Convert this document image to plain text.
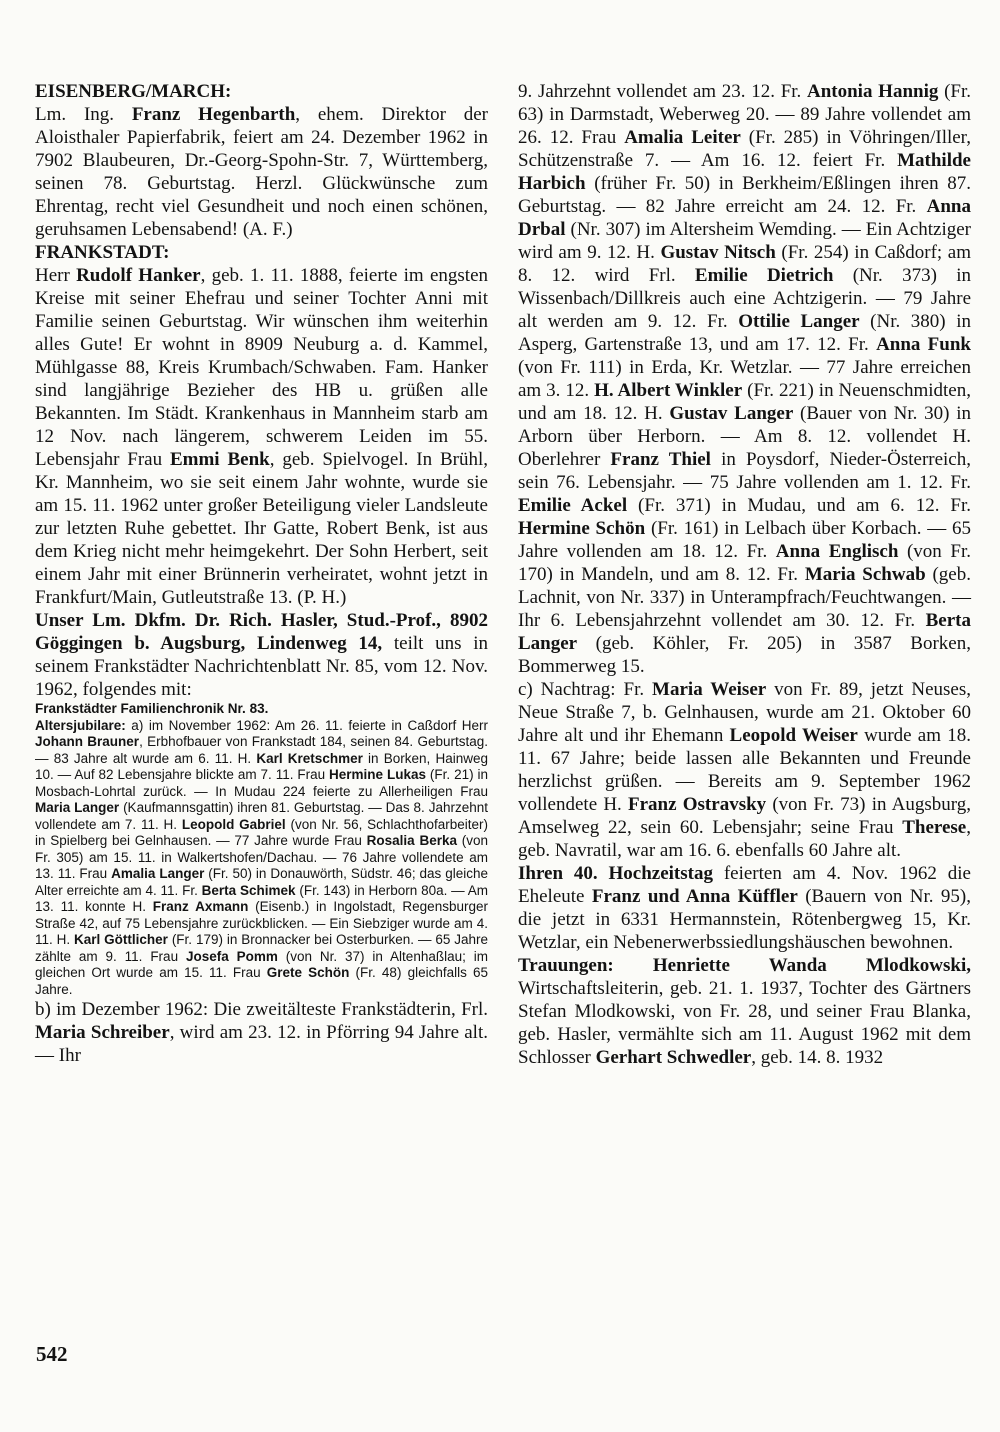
EISENBERG/MARCH:

Lm. Ing. Franz Hegenbarth, ehem. Direktor der Aloisthaler Papierfabrik, feiert am 24. Dezember 1962 in 7902 Blaubeuren, Dr.-Georg-Spohn-Str. 7, Württemberg, seinen 78. Geburtstag. Herzl. Glückwünsche zum Ehrentag, recht viel Gesundheit und noch einen schönen, geruhsamen Lebensabend! (A. F.)

FRANKSTADT:

Herr Rudolf Hanker, geb. 1. 11. 1888, feierte im engsten Kreise mit seiner Ehefrau und seiner Tochter Anni mit Familie seinen Geburtstag. Wir wünschen ihm weiterhin alles Gute! Er wohnt in 8909 Neuburg a. d. Kammel, Mühlgasse 88, Kreis Krumbach/Schwaben. Fam. Hanker sind langjährige Bezieher des HB u. grüßen alle Bekannten. Im Städt. Krankenhaus in Mannheim starb am 12 Nov. nach längerem, schwerem Leiden im 55. Lebensjahr Frau Emmi Benk, geb. Spielvogel. In Brühl, Kr. Mannheim, wo sie seit einem Jahr wohnte, wurde sie am 15. 11. 1962 unter großer Beteiligung vieler Landsleute zur letzten Ruhe gebettet. Ihr Gatte, Robert Benk, ist aus dem Krieg nicht mehr heimgekehrt. Der Sohn Herbert, seit einem Jahr mit einer Brünnerin verheiratet, wohnt jetzt in Frankfurt/Main, Gutleutstraße 13. (P. H.)

Unser Lm. Dkfm. Dr. Rich. Hasler, Stud.-Prof., 8902 Göggingen b. Augsburg, Lindenweg 14, teilt uns in seinem Frankstädter Nachrichtenblatt Nr. 85, vom 12. Nov. 1962, folgendes mit:

Frankstädter Familienchronik Nr. 83.

Altersjubilare: a) im November 1962: Am 26. 11. feierte in Caßdorf Herr Johann Brauner, Erbhofbauer von Frankstadt 184, seinen 84. Geburtstag. — 83 Jahre alt wurde am 6. 11. H. Karl Kretschmer in Borken, Hainweg 10. — Auf 82 Lebensjahre blickte am 7. 11. Frau Hermine Lukas (Fr. 21) in Mosbach-Lohrtal zurück. — In Mudau 224 feierte zu Allerheiligen Frau Maria Langer (Kaufmannsgattin) ihren 81. Geburtstag. — Das 8. Jahrzehnt vollendete am 7. 11. H. Leopold Gabriel (von Nr. 56, Schlachthofarbeiter) in Spielberg bei Gelnhausen. — 77 Jahre wurde Frau Rosalia Berka (von Fr. 305) am 15. 11. in Walkertshofen/Dachau. — 76 Jahre vollendete am 13. 11. Frau Amalia Langer (Fr. 50) in Donauwörth, Südstr. 46; das gleiche Alter erreichte am 4. 11. Fr. Berta Schimek (Fr. 143) in Herborn 80a. — Am 13. 11. konnte H. Franz Axmann (Eisenb.) in Ingolstadt, Regensburger Straße 42, auf 75 Lebensjahre zurückblicken. — Ein Siebziger wurde am 4. 11. H. Karl Göttlicher (Fr. 179) in Bronnacker bei Osterburken. — 65 Jahre zählte am 9. 11. Frau Josefa Pomm (von Nr. 37) in Altenhaßlau; im gleichen Ort wurde am 15. 11. Frau Grete Schön (Fr. 48) gleichfalls 65 Jahre.

b) im Dezember 1962: Die zweitälteste Frankstädterin, Frl. Maria Schreiber, wird am 23. 12. in Pförring 94 Jahre alt. — Ihr

9. Jahrzehnt vollendet am 23. 12. Fr. Antonia Hannig (Fr. 63) in Darmstadt, Weberweg 20. — 89 Jahre vollendet am 26. 12. Frau Amalia Leiter (Fr. 285) in Vöhringen/Iller, Schützenstraße 7. — Am 16. 12. feiert Fr. Mathilde Harbich (früher Fr. 50) in Berkheim/Eßlingen ihren 87. Geburtstag. — 82 Jahre erreicht am 24. 12. Fr. Anna Drbal (Nr. 307) im Altersheim Wemding. — Ein Achtziger wird am 9. 12. H. Gustav Nitsch (Fr. 254) in Caßdorf; am 8. 12. wird Frl. Emilie Dietrich (Nr. 373) in Wissenbach/Dillkreis auch eine Achtzigerin. — 79 Jahre alt werden am 9. 12. Fr. Ottilie Langer (Nr. 380) in Asperg, Gartenstraße 13, und am 17. 12. Fr. Anna Funk (von Fr. 111) in Erda, Kr. Wetzlar. — 77 Jahre erreichen am 3. 12. H. Albert Winkler (Fr. 221) in Neuenschmidten, und am 18. 12. H. Gustav Langer (Bauer von Nr. 30) in Arborn über Herborn. — Am 8. 12. vollendet H. Oberlehrer Franz Thiel in Poysdorf, Nieder-Österreich, sein 76. Lebensjahr. — 75 Jahre vollenden am 1. 12. Fr. Emilie Ackel (Fr. 371) in Mudau, und am 6. 12. Fr. Hermine Schön (Fr. 161) in Lelbach über Korbach. — 65 Jahre vollenden am 18. 12. Fr. Anna Englisch (von Fr. 170) in Mandeln, und am 8. 12. Fr. Maria Schwab (geb. Lachnit, von Nr. 337) in Unterampfrach/Feuchtwangen. — Ihr 6. Lebensjahrzehnt vollendet am 30. 12. Fr. Berta Langer (geb. Köhler, Fr. 205) in 3587 Borken, Bommerweg 15.

c) Nachtrag: Fr. Maria Weiser von Fr. 89, jetzt Neuses, Neue Straße 7, b. Gelnhausen, wurde am 21. Oktober 60 Jahre alt und ihr Ehemann Leopold Weiser wurde am 18. 11. 67 Jahre; beide lassen alle Bekannten und Freunde herzlichst grüßen. — Bereits am 9. September 1962 vollendete H. Franz Ostravsky (von Fr. 73) in Augsburg, Amselweg 22, sein 60. Lebensjahr; seine Frau Therese, geb. Navratil, war am 16. 6. ebenfalls 60 Jahre alt.

Ihren 40. Hochzeitstag feierten am 4. Nov. 1962 die Eheleute Franz und Anna Küffler (Bauern von Nr. 95), die jetzt in 6331 Hermannstein, Rötenbergweg 15, Kr. Wetzlar, ein Nebenerwerbssiedlungshäuschen bewohnen.

Trauungen: Henriette Wanda Mlodkowski, Wirtschaftsleiterin, geb. 21. 1. 1937, Tochter des Gärtners Stefan Mlodkowski, von Fr. 28, und seiner Frau Blanka, geb. Hasler, vermählte sich am 11. August 1962 mit dem Schlosser Gerhart Schwedler, geb. 14. 8. 1932

542
